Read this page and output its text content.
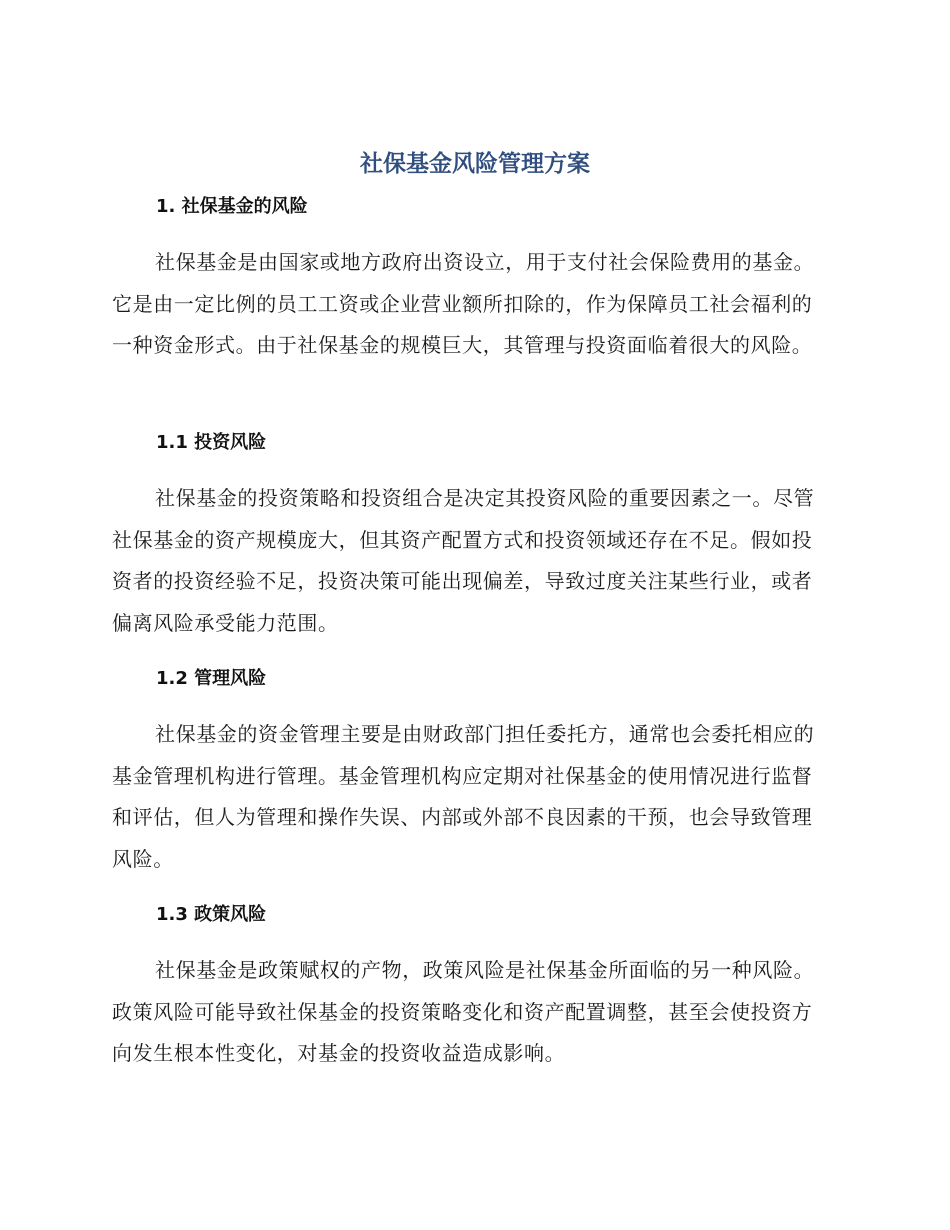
社保基金风险管理方案
1. 社保基金的风险

社保基金是由国家或地方政府出资设立，用于支付社会保险费用的基金。它是由一定比例的员工工资或企业营业额所扣除的，作为保障员工社会福利的一种资金形式。由于社保基金的规模巨大，其管理与投资面临着很大的风险。

1.1 投资风险

社保基金的投资策略和投资组合是决定其投资风险的重要因素之一。尽管社保基金的资产规模庞大，但其资产配置方式和投资领域还存在不足。假如投资者的投资经验不足，投资决策可能出现偏差，导致过度关注某些行业，或者偏离风险承受能力范围。

1.2 管理风险

社保基金的资金管理主要是由财政部门担任委托方，通常也会委托相应的基金管理机构进行管理。基金管理机构应定期对社保基金的使用情况进行监督和评估，但人为管理和操作失误、内部或外部不良因素的干预，也会导致管理风险。

1.3 政策风险

社保基金是政策赋权的产物，政策风险是社保基金所面临的另一种风险。政策风险可能导致社保基金的投资策略变化和资产配置调整，甚至会使投资方向发生根本性变化，对基金的投资收益造成影响。
